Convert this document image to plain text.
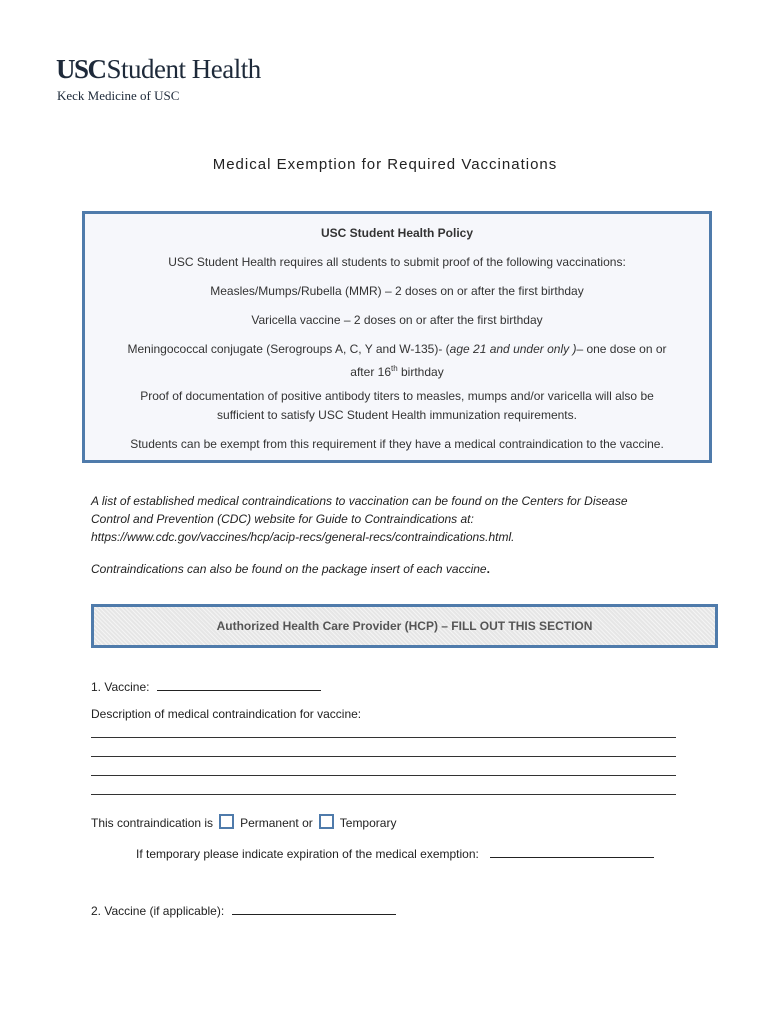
USCStudent Health
Keck Medicine of USC
Medical Exemption for Required Vaccinations

USC Student Health Policy

USC Student Health requires all students to submit proof of the following vaccinations:

Measles/Mumps/Rubella (MMR) – 2 doses on or after the first birthday

Varicella vaccine – 2 doses on or after the first birthday

Meningococcal conjugate (Serogroups A, C, Y and W-135)- (age 21 and under only )– one dose on or
after 16th birthday

Proof of documentation of positive antibody titers to measles, mumps and/or varicella will also be
sufficient to satisfy USC Student Health immunization requirements.

Students can be exempt from this requirement if they have a medical contraindication to the vaccine.

A list of established medical contraindications to vaccination can be found on the Centers for Disease
Control and Prevention (CDC) website for Guide to Contraindications at:
https://www.cdc.gov/vaccines/hcp/acip-recs/general-recs/contraindications.html.
Contraindications can also be found on the package insert of each vaccine.
Authorized Health Care Provider (HCP) – FILL OUT THIS SECTION
1. Vaccine:
Description of medical contraindication for vaccine:
This contraindication is Permanent or Temporary
If temporary please indicate expiration of the medical exemption:
2. Vaccine (if applicable):
